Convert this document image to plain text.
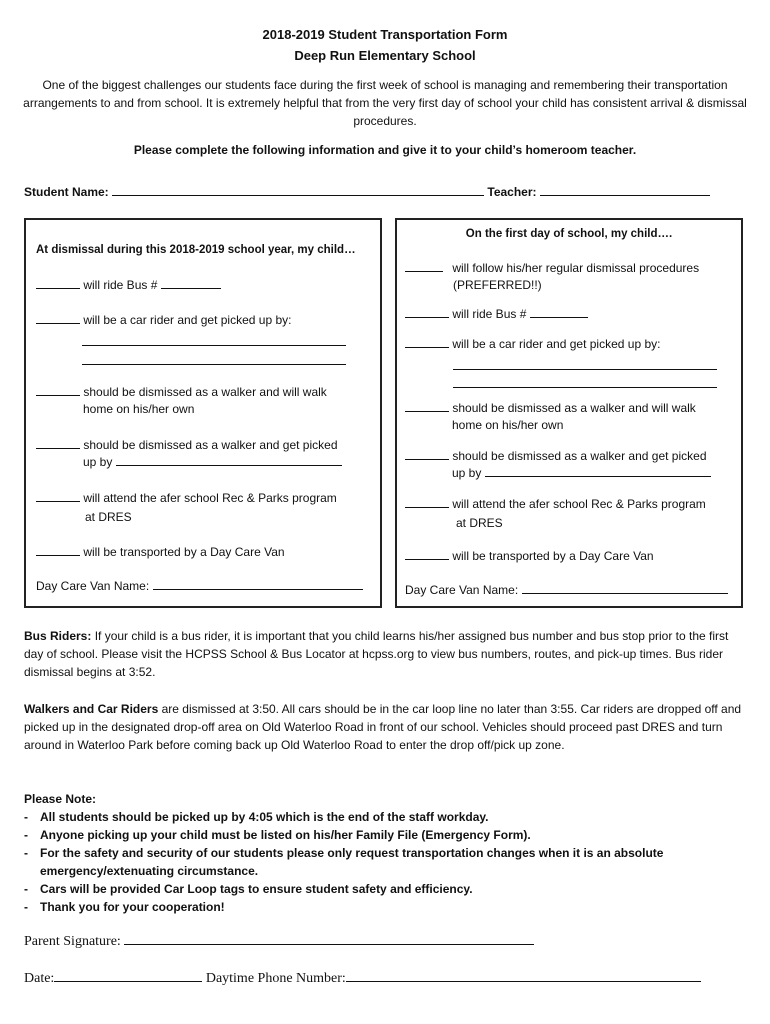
2018-2019 Student Transportation Form
Deep Run Elementary School
One of the biggest challenges our students face during the first week of school is managing and remembering their transportation arrangements to and from school. It is extremely helpful that from the very first day of school your child has consistent arrival & dismissal procedures.
Please complete the following information and give it to your child’s homeroom teacher.
Student Name:	Teacher:
At dismissal during this 2018-2019 school year, my child…
will ride Bus #
will be a car rider and get picked up by:
should be dismissed as a walker and will walk
home on his/her own
should be dismissed as a walker and get picked
up by
will attend the afer school Rec & Parks program
at DRES
will be transported by a Day Care Van
Day Care Van Name:
On the first day of school, my child….
will follow his/her regular dismissal procedures
(PREFERRED!!)
will ride Bus #
will be a car rider and get picked up by:
should be dismissed as a walker and will walk
home on his/her own
should be dismissed as a walker and get picked
up by
will attend the afer school Rec & Parks program
at DRES
will be transported by a Day Care Van
Day Care Van Name:
Bus Riders: If your child is a bus rider, it is important that you child learns his/her assigned bus number and bus stop prior to the first day of school. Please visit the HCPSS School & Bus Locator at hcpss.org to view bus numbers, routes, and pick-up times. Bus rider dismissal begins at 3:52.
Walkers and Car Riders are dismissed at 3:50. All cars should be in the car loop line no later than 3:55. Car riders are dropped off and picked up in the designated drop-off area on Old Waterloo Road in front of our school. Vehicles should proceed past DRES and turn around in Waterloo Park before coming back up Old Waterloo Road to enter the drop off/pick up zone.
Please Note:
-	All students should be picked up by 4:05 which is the end of the staff workday.
-	Anyone picking up your child must be listed on his/her Family File (Emergency Form).
-	For the safety and security of our students please only request transportation changes when it is an absolute emergency/extenuating circumstance.
-	Cars will be provided Car Loop tags to ensure student safety and efficiency.
-	Thank you for your cooperation!
Parent Signature:
Date:	Daytime Phone Number:
